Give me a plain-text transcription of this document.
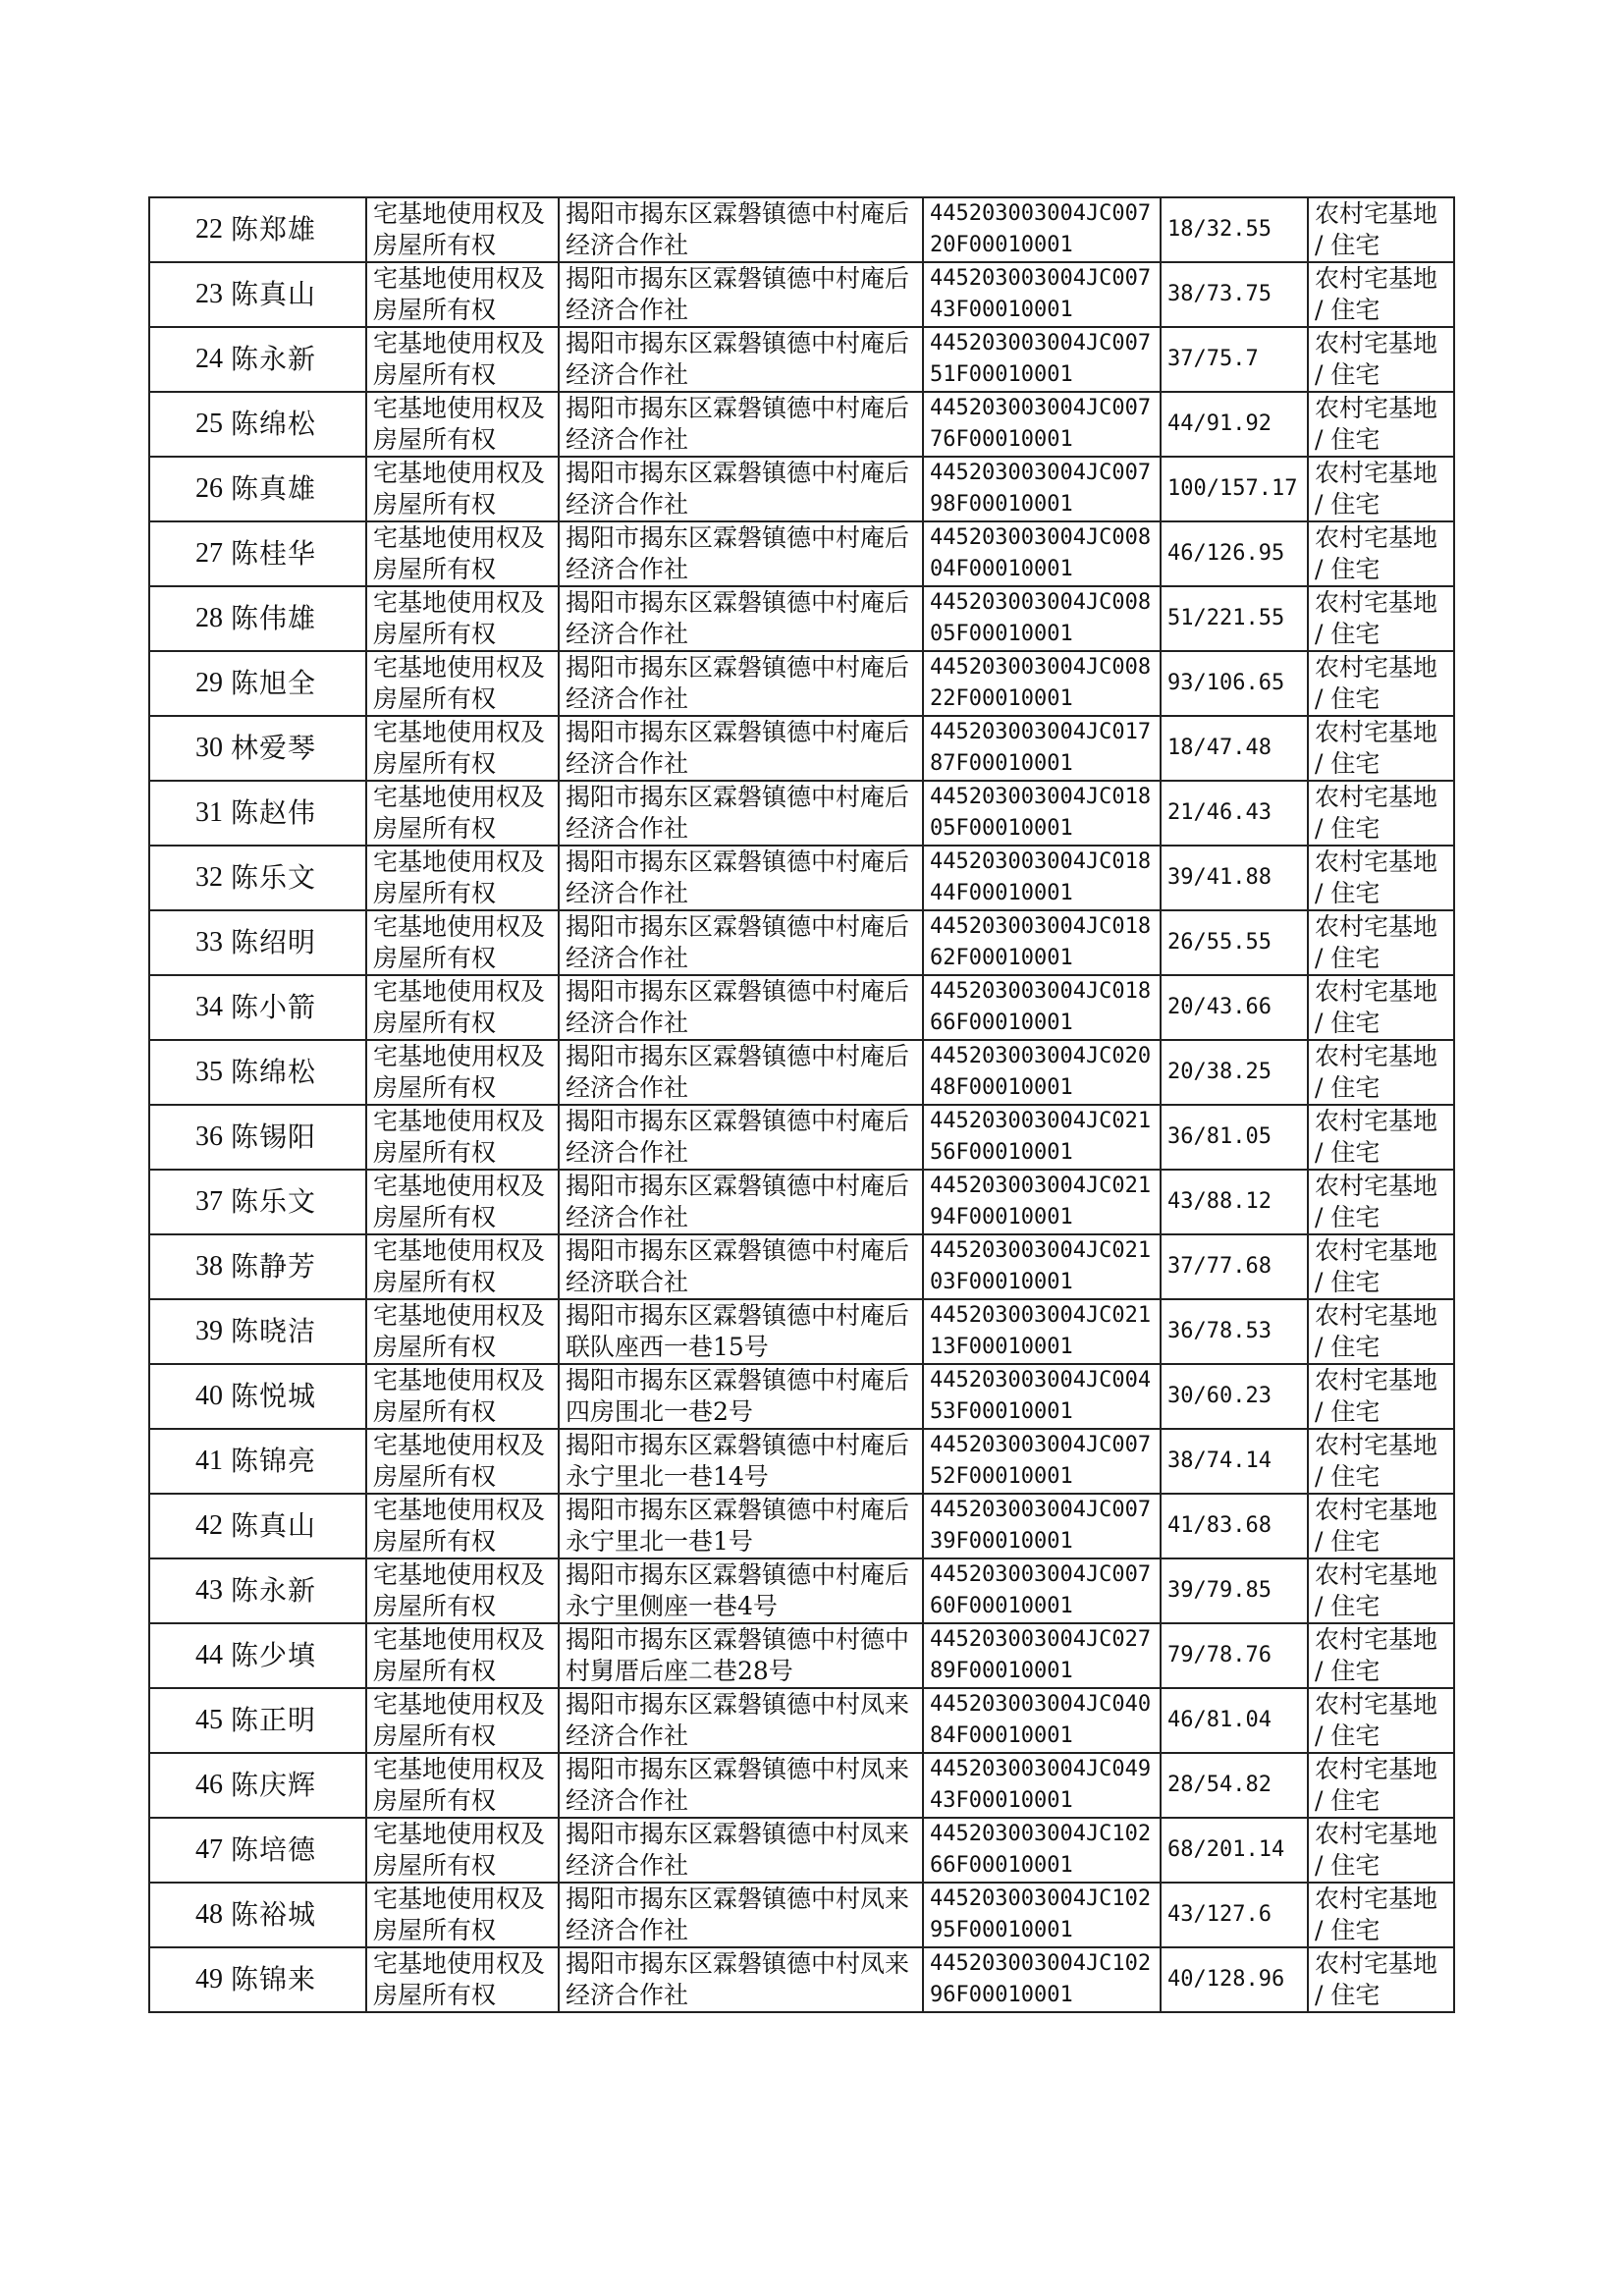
22	陈郑雄	宅基地使用权及房屋所有权	揭阳市揭东区霖磐镇德中村庵后经济合作社	445203003004JC00720F00010001	18/32.55	农村宅基地 / 住宅

23	陈真山	宅基地使用权及房屋所有权	揭阳市揭东区霖磐镇德中村庵后经济合作社	445203003004JC00743F00010001	38/73.75	农村宅基地 / 住宅

24	陈永新	宅基地使用权及房屋所有权	揭阳市揭东区霖磐镇德中村庵后经济合作社	445203003004JC00751F00010001	37/75.7	农村宅基地 / 住宅

25	陈绵松	宅基地使用权及房屋所有权	揭阳市揭东区霖磐镇德中村庵后经济合作社	445203003004JC00776F00010001	44/91.92	农村宅基地 / 住宅

26	陈真雄	宅基地使用权及房屋所有权	揭阳市揭东区霖磐镇德中村庵后经济合作社	445203003004JC00798F00010001	100/157.17	农村宅基地 / 住宅

27	陈桂华	宅基地使用权及房屋所有权	揭阳市揭东区霖磐镇德中村庵后经济合作社	445203003004JC00804F00010001	46/126.95	农村宅基地 / 住宅

28	陈伟雄	宅基地使用权及房屋所有权	揭阳市揭东区霖磐镇德中村庵后经济合作社	445203003004JC00805F00010001	51/221.55	农村宅基地 / 住宅

29	陈旭全	宅基地使用权及房屋所有权	揭阳市揭东区霖磐镇德中村庵后经济合作社	445203003004JC00822F00010001	93/106.65	农村宅基地 / 住宅

30	林爱琴	宅基地使用权及房屋所有权	揭阳市揭东区霖磐镇德中村庵后经济合作社	445203003004JC01787F00010001	18/47.48	农村宅基地 / 住宅

31	陈赵伟	宅基地使用权及房屋所有权	揭阳市揭东区霖磐镇德中村庵后经济合作社	445203003004JC01805F00010001	21/46.43	农村宅基地 / 住宅

32	陈乐文	宅基地使用权及房屋所有权	揭阳市揭东区霖磐镇德中村庵后经济合作社	445203003004JC01844F00010001	39/41.88	农村宅基地 / 住宅

33	陈绍明	宅基地使用权及房屋所有权	揭阳市揭东区霖磐镇德中村庵后经济合作社	445203003004JC01862F00010001	26/55.55	农村宅基地 / 住宅

34	陈小箭	宅基地使用权及房屋所有权	揭阳市揭东区霖磐镇德中村庵后经济合作社	445203003004JC01866F00010001	20/43.66	农村宅基地 / 住宅

35	陈绵松	宅基地使用权及房屋所有权	揭阳市揭东区霖磐镇德中村庵后经济合作社	445203003004JC02048F00010001	20/38.25	农村宅基地 / 住宅

36	陈锡阳	宅基地使用权及房屋所有权	揭阳市揭东区霖磐镇德中村庵后经济合作社	445203003004JC02156F00010001	36/81.05	农村宅基地 / 住宅

37	陈乐文	宅基地使用权及房屋所有权	揭阳市揭东区霖磐镇德中村庵后经济合作社	445203003004JC02194F00010001	43/88.12	农村宅基地 / 住宅

38	陈静芳	宅基地使用权及房屋所有权	揭阳市揭东区霖磐镇德中村庵后经济联合社	445203003004JC02103F00010001	37/77.68	农村宅基地 / 住宅

39	陈晓洁	宅基地使用权及房屋所有权	揭阳市揭东区霖磐镇德中村庵后联队座西一巷15号	445203003004JC02113F00010001	36/78.53	农村宅基地 / 住宅

40	陈悦城	宅基地使用权及房屋所有权	揭阳市揭东区霖磐镇德中村庵后四房围北一巷2号	445203003004JC00453F00010001	30/60.23	农村宅基地 / 住宅

41	陈锦亮	宅基地使用权及房屋所有权	揭阳市揭东区霖磐镇德中村庵后永宁里北一巷14号	445203003004JC00752F00010001	38/74.14	农村宅基地 / 住宅

42	陈真山	宅基地使用权及房屋所有权	揭阳市揭东区霖磐镇德中村庵后永宁里北一巷1号	445203003004JC00739F00010001	41/83.68	农村宅基地 / 住宅

43	陈永新	宅基地使用权及房屋所有权	揭阳市揭东区霖磐镇德中村庵后永宁里侧座一巷4号	445203003004JC00760F00010001	39/79.85	农村宅基地 / 住宅

44	陈少填	宅基地使用权及房屋所有权	揭阳市揭东区霖磐镇德中村德中村舅厝后座二巷28号	445203003004JC02789F00010001	79/78.76	农村宅基地 / 住宅

45	陈正明	宅基地使用权及房屋所有权	揭阳市揭东区霖磐镇德中村凤来经济合作社	445203003004JC04084F00010001	46/81.04	农村宅基地 / 住宅

46	陈庆辉	宅基地使用权及房屋所有权	揭阳市揭东区霖磐镇德中村凤来经济合作社	445203003004JC04943F00010001	28/54.82	农村宅基地 / 住宅

47	陈培德	宅基地使用权及房屋所有权	揭阳市揭东区霖磐镇德中村凤来经济合作社	445203003004JC10266F00010001	68/201.14	农村宅基地 / 住宅

48	陈裕城	宅基地使用权及房屋所有权	揭阳市揭东区霖磐镇德中村凤来经济合作社	445203003004JC10295F00010001	43/127.6	农村宅基地 / 住宅

49	陈锦来	宅基地使用权及房屋所有权	揭阳市揭东区霖磐镇德中村凤来经济合作社	445203003004JC10296F00010001	40/128.96	农村宅基地 / 住宅
